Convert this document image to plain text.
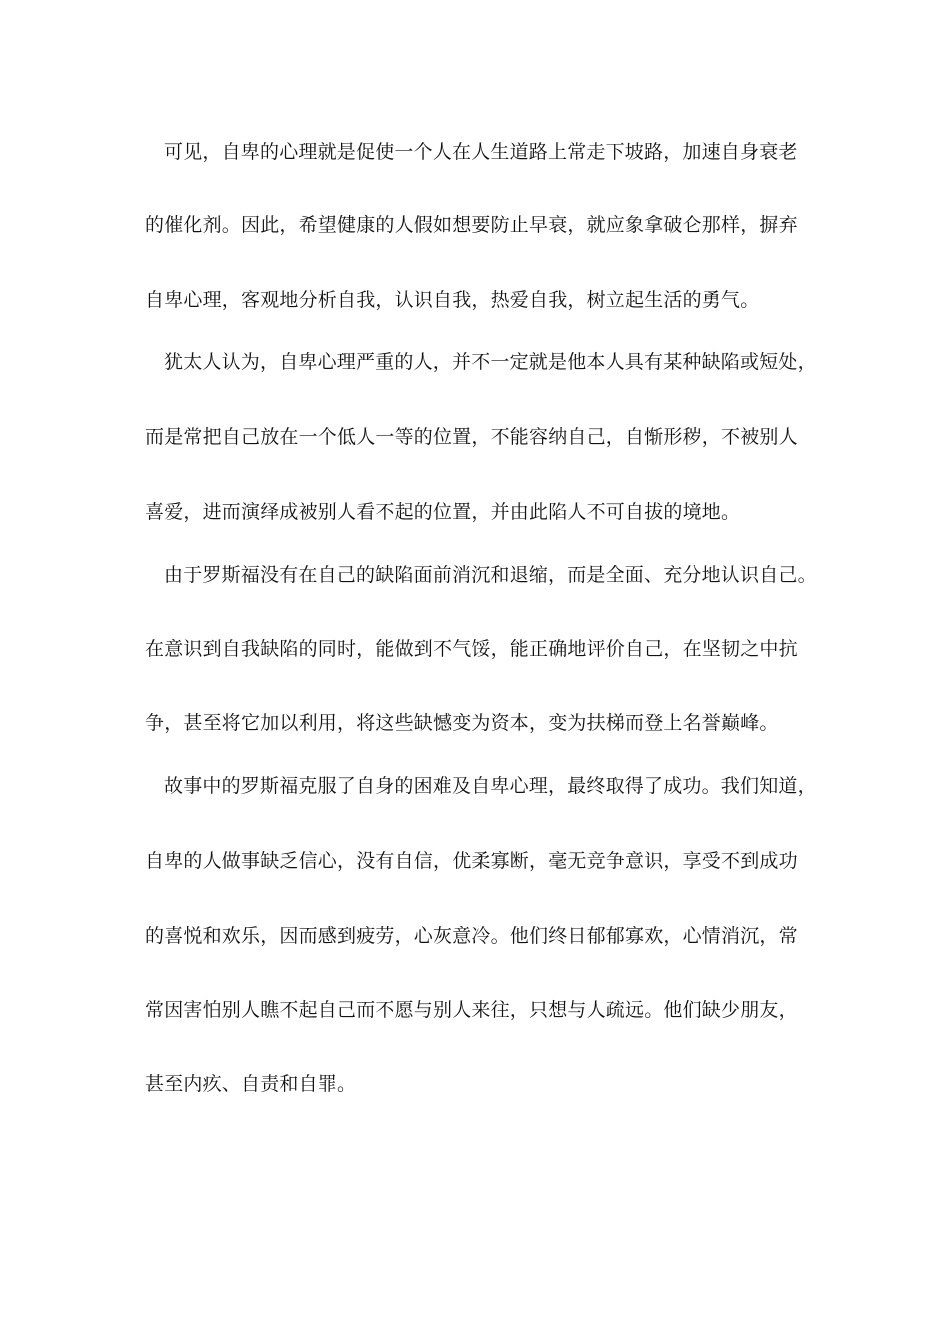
可见，自卑的心理就是促使一个人在人生道路上常走下坡路，加速自身衰老
的催化剂。因此，希望健康的人假如想要防止早衰，就应象拿破仑那样，摒弃
自卑心理，客观地分析自我，认识自我，热爱自我，树立起生活的勇气。
犹太人认为，自卑心理严重的人，并不一定就是他本人具有某种缺陷或短处，
而是常把自己放在一个低人一等的位置，不能容纳自己，自惭形秽，不被别人
喜爱，进而演绎成被别人看不起的位置，并由此陷人不可自拔的境地。
由于罗斯福没有在自己的缺陷面前消沉和退缩，而是全面、充分地认识自己。
在意识到自我缺陷的同时，能做到不气馁，能正确地评价自己，在坚韧之中抗
争，甚至将它加以利用，将这些缺憾变为资本，变为扶梯而登上名誉巅峰。
故事中的罗斯福克服了自身的困难及自卑心理，最终取得了成功。我们知道，
自卑的人做事缺乏信心，没有自信，优柔寡断，毫无竞争意识，享受不到成功
的喜悦和欢乐，因而感到疲劳，心灰意冷。他们终日郁郁寡欢，心情消沉，常
常因害怕别人瞧不起自己而不愿与别人来往，只想与人疏远。他们缺少朋友，
甚至内疚、自责和自罪。
